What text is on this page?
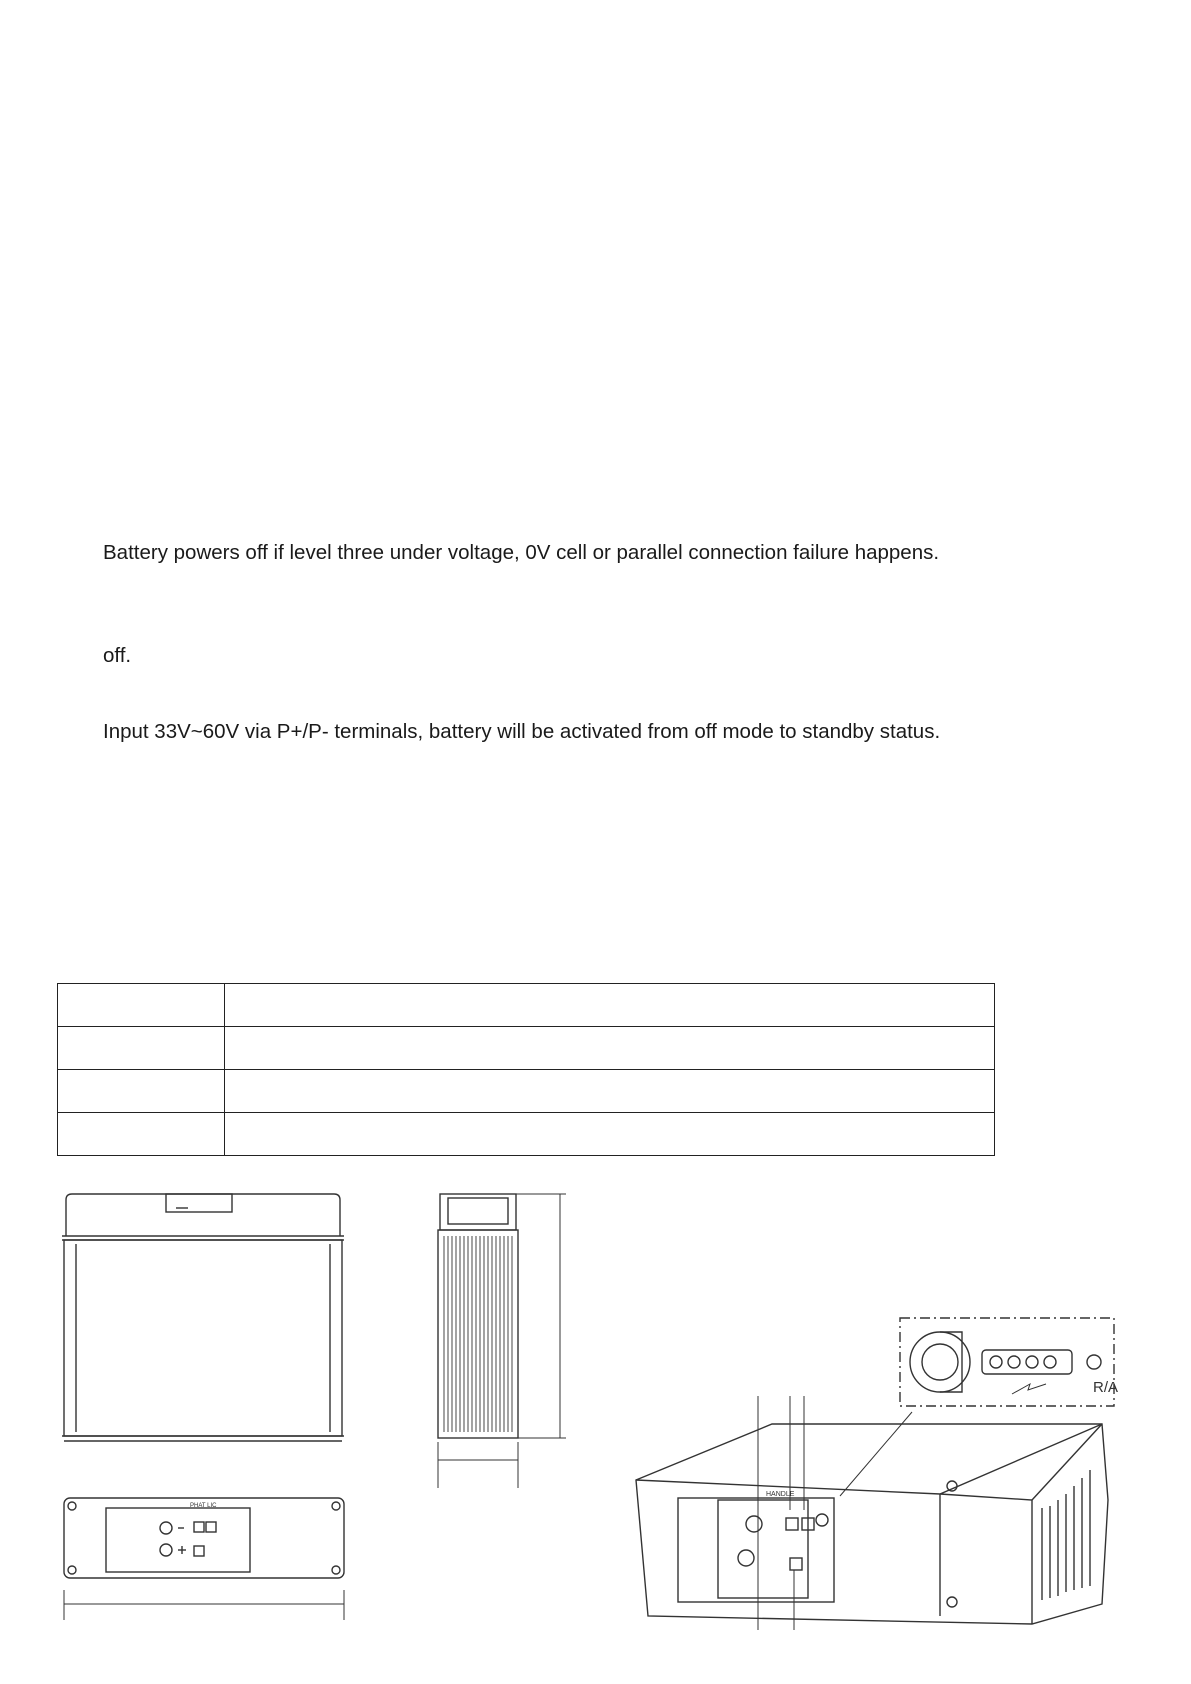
Battery powers off if level three under voltage, 0V cell or parallel connection failure happens.
off.
Input 33V~60V via P+/P- terminals, battery will be activated from off mode to standby status.

PHAT LIC
HANDLE
R/A
